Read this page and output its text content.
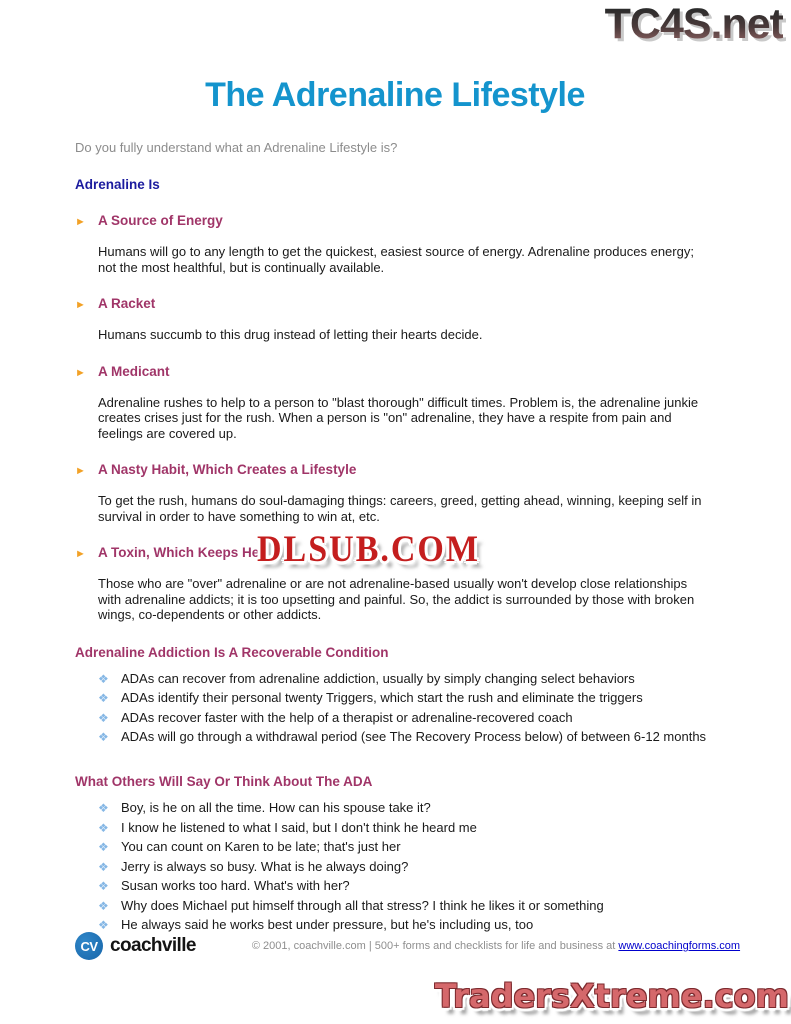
TC4S.net
The Adrenaline Lifestyle

Do you fully understand what an Adrenaline Lifestyle is?

Adrenaline Is
► A Source of Energy

Humans will go to any length to get the quickest, easiest source of energy. Adrenaline produces energy; not the most healthful, but is continually available.

► A Racket

Humans succumb to this drug instead of letting their hearts decide.

► A Medicant

Adrenaline rushes to help to a person to "blast thorough" difficult times. Problem is, the adrenaline junkie creates crises just for the rush. When a person is "on" adrenaline, they have a respite from pain and feelings are covered up.

► A Nasty Habit, Which Creates a Lifestyle

To get the rush, humans do soul-damaging things: careers, greed, getting ahead, winning, keeping self in survival in order to have something to win at, etc.

► A Toxin, Which Keeps Hea
DLSUB.COM

Those who are "over" adrenaline or are not adrenaline-based usually won't develop close relationships with adrenaline addicts; it is too upsetting and painful. So, the addict is surrounded by those with broken wings, co-dependents or other addicts.

Adrenaline Addiction Is A Recoverable Condition
❖ ADAs can recover from adrenaline addiction, usually by simply changing select behaviors
❖ ADAs identify their personal twenty Triggers, which start the rush and eliminate the triggers
❖ ADAs recover faster with the help of a therapist or adrenaline-recovered coach
❖ ADAs will go through a withdrawal period (see The Recovery Process below) of between 6-12 months
What Others Will Say Or Think About The ADA
❖ Boy, is he on all the time. How can his spouse take it?
❖ I know he listened to what I said, but I don't think he heard me
❖ You can count on Karen to be late; that's just her
❖ Jerry is always so busy. What is he always doing?
❖ Susan works too hard. What's with her?
❖ Why does Michael put himself through all that stress? I think he likes it or something
❖ He always said he works best under pressure, but he's including us, too
CV coachville	© 2001, coachville.com | 500+ forms and checklists for life and business at www.coachingforms.com
TradersXtreme.com
